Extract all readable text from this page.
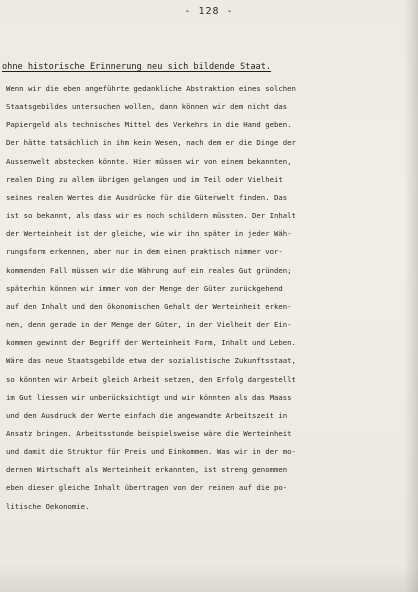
- 128 -
ohne historische Erinnerung neu sich bildende Staat.
Wenn wir die eben angeführte gedankliche Abstraktion eines solchen
Staatsgebildes untersuchen wollen, dann können wir dem nicht das
Papiergeld als technisches Mittel des Verkehrs in die Hand geben.
Der hätte tatsächlich in ihm kein Wesen, nach dem er die Dinge der
Aussenwelt abstecken könnte. Hier müssen wir von einem bekannten,
realen Ding zu allem übrigen gelangen und im Teil oder Vielheit
seines realen Wertes die Ausdrücke für die Güterwelt finden. Das
ist so bekannt, als dass wir es noch schildern müssten. Der Inhalt
der Werteinheit ist der gleiche, wie wir ihn später in jeder Wäh-
rungsform erkennen, aber nur in dem einen praktisch nimmer vor-
kommenden Fall müssen wir die Währung auf ein reales Gut gründen;
späterhin können wir immer von der Menge der Güter zurückgehend
auf den Inhalt und den ökonomischen Gehalt der Werteinheit erken-
nen, denn gerade in der Menge der Güter, in der Vielheit der Ein-
kommen gewinnt der Begriff der Werteinheit Form, Inhalt und Leben.
Wäre das neue Staatsgebilde etwa der sozialistische Zukunftsstaat,
so könnten wir Arbeit gleich Arbeit setzen, den Erfolg dargestellt
im Gut liessen wir unberücksichtigt und wir könnten als das Maass
und den Ausdruck der Werte einfach die angewandte Arbeitszeit in
Ansatz bringen. Arbeitsstunde beispielsweise wäre die Werteinheit
und damit die Struktur für Preis und Einkommen. Was wir in der mo-
dernen Wirtschaft als Werteinheit erkannten, ist streng genommen
eben dieser gleiche Inhalt übertragen von der reinen auf die po-
litische Oekonomie.
